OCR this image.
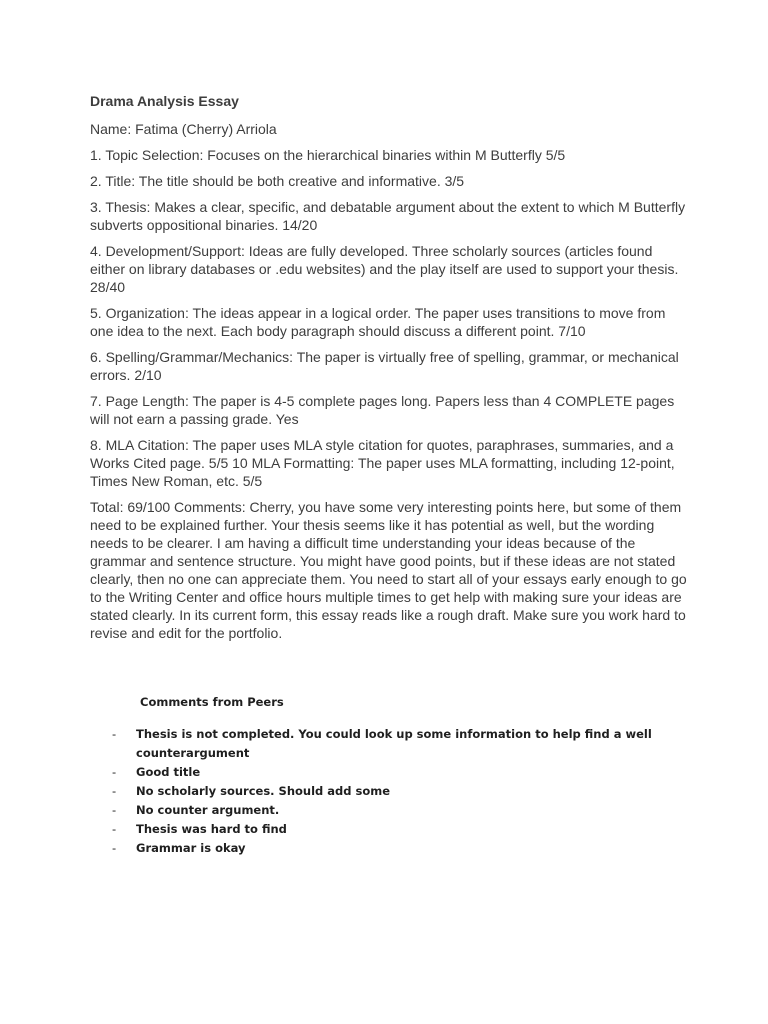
Drama Analysis Essay

Name: Fatima (Cherry) Arriola

1. Topic Selection: Focuses on the hierarchical binaries within M Butterfly 5/5

2. Title: The title should be both creative and informative. 3/5

3. Thesis: Makes a clear, specific, and debatable argument about the extent to which M Butterfly subverts oppositional binaries. 14/20

4. Development/Support: Ideas are fully developed. Three scholarly sources (articles found either on library databases or .edu websites) and the play itself are used to support your thesis. 28/40

5. Organization: The ideas appear in a logical order. The paper uses transitions to move from one idea to the next. Each body paragraph should discuss a different point. 7/10

6. Spelling/Grammar/Mechanics: The paper is virtually free of spelling, grammar, or mechanical errors. 2/10

7. Page Length: The paper is 4-5 complete pages long. Papers less than 4 COMPLETE pages will not earn a passing grade. Yes

8. MLA Citation: The paper uses MLA style citation for quotes, paraphrases, summaries, and a Works Cited page. 5/5 10 MLA Formatting: The paper uses MLA formatting, including 12-point, Times New Roman, etc. 5/5

Total: 69/100 Comments: Cherry, you have some very interesting points here, but some of them need to be explained further. Your thesis seems like it has potential as well, but the wording needs to be clearer. I am having a difficult time understanding your ideas because of the grammar and sentence structure. You might have good points, but if these ideas are not stated clearly, then no one can appreciate them. You need to start all of your essays early enough to go to the Writing Center and office hours multiple times to get help with making sure your ideas are stated clearly. In its current form, this essay reads like a rough draft. Make sure you work hard to revise and edit for the portfolio.

Comments from Peers

- Thesis is not completed. You could look up some information to help find a well counterargument
- Good title
- No scholarly sources. Should add some
- No counter argument.
- Thesis was hard to find
- Grammar is okay
